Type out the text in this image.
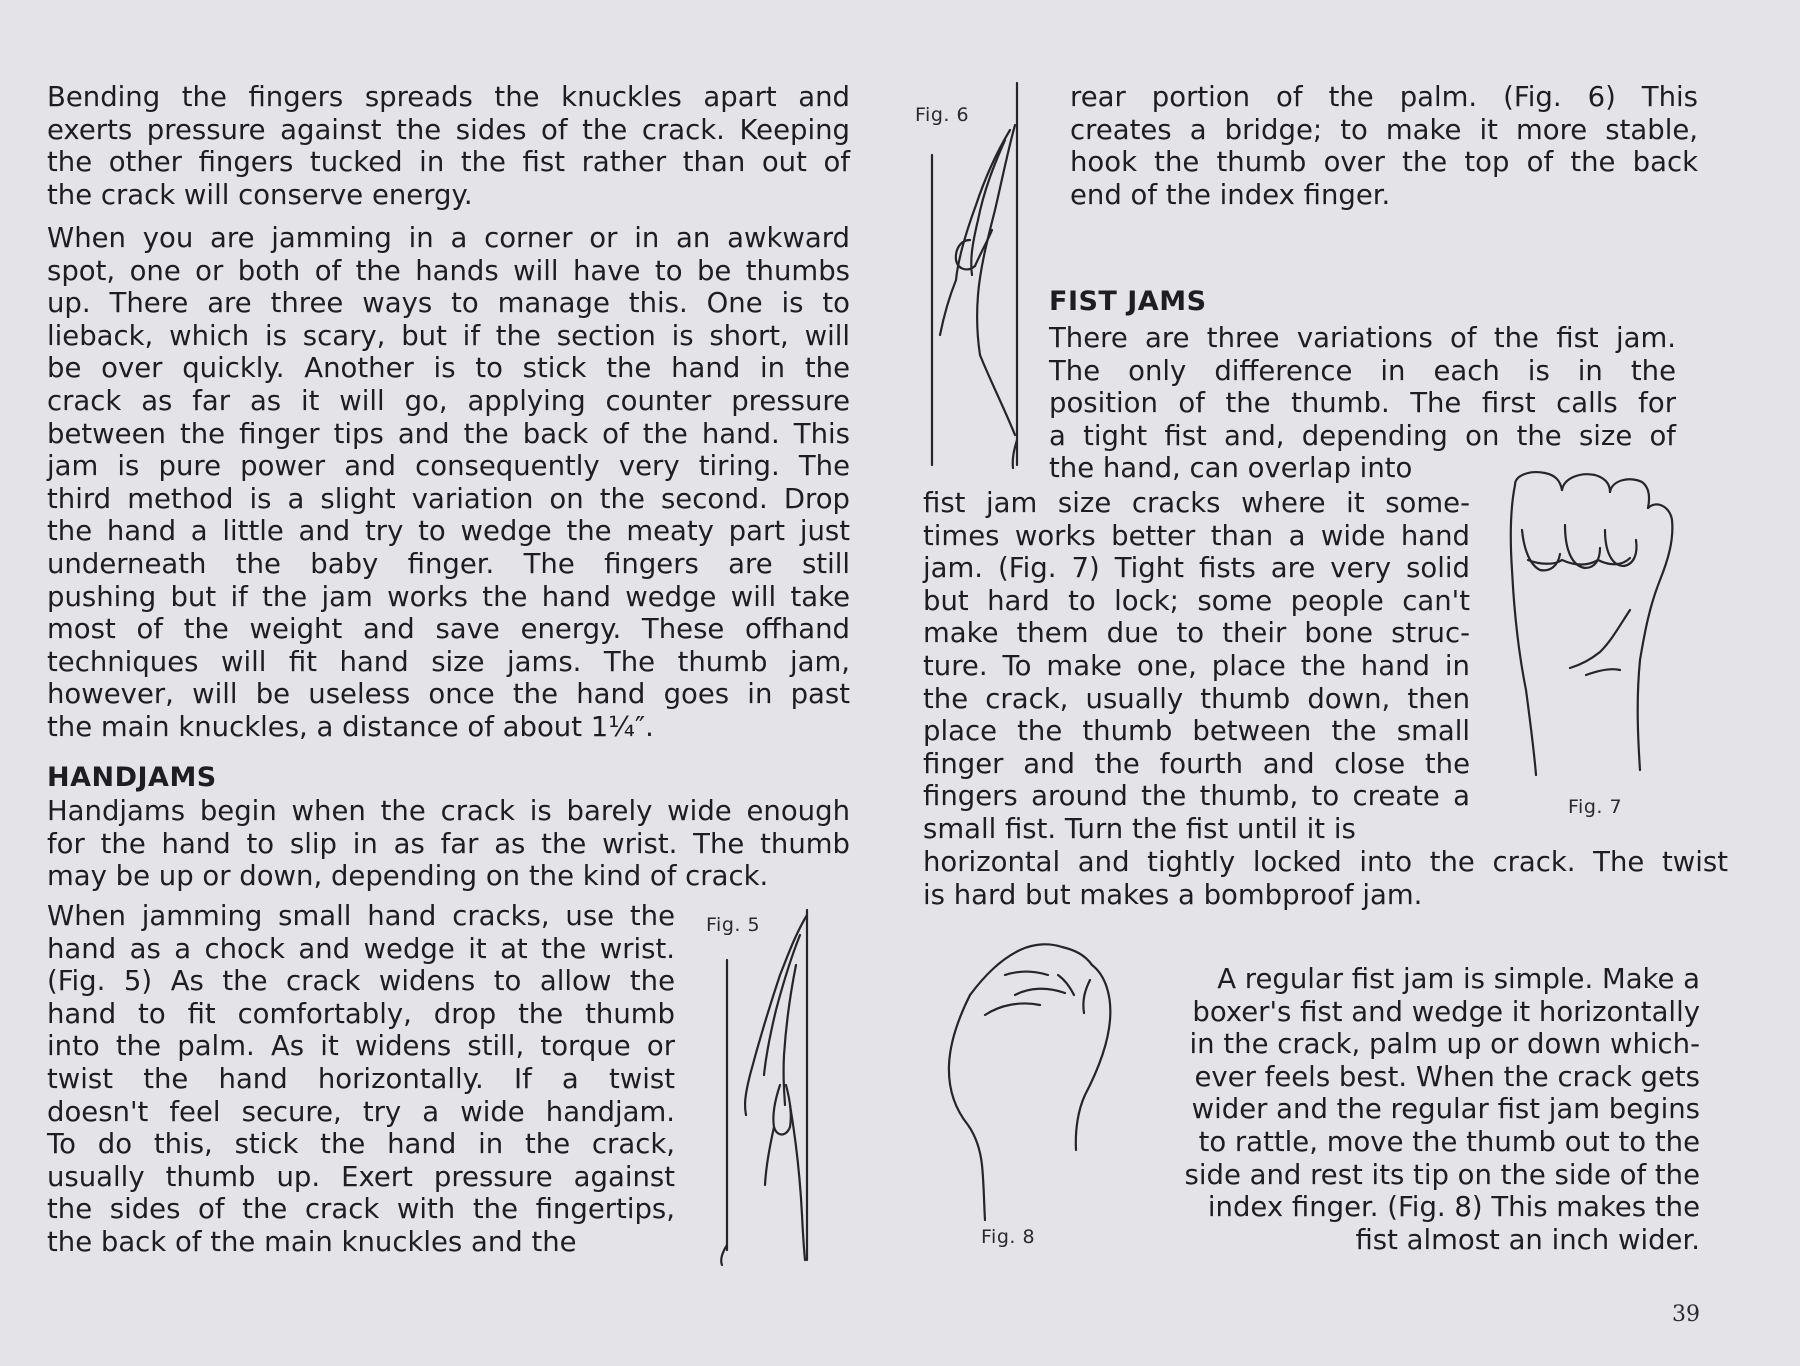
Bending the fingers spreads the knuckles apart and
exerts pressure against the sides of the crack. Keeping
the other fingers tucked in the fist rather than out of
the crack will conserve energy.
When you are jamming in a corner or in an awkward
spot, one or both of the hands will have to be thumbs
up. There are three ways to manage this. One is to
lieback, which is scary, but if the section is short, will
be over quickly. Another is to stick the hand in the
crack as far as it will go, applying counter pressure
between the finger tips and the back of the hand. This
jam is pure power and consequently very tiring. The
third method is a slight variation on the second. Drop
the hand a little and try to wedge the meaty part just
underneath the baby finger. The fingers are still
pushing but if the jam works the hand wedge will take
most of the weight and save energy. These offhand
techniques will fit hand size jams. The thumb jam,
however, will be useless once the hand goes in past
the main knuckles, a distance of about 1¼″.
HANDJAMS
Handjams begin when the crack is barely wide enough
for the hand to slip in as far as the wrist. The thumb
may be up or down, depending on the kind of crack.
When jamming small hand cracks, use the
hand as a chock and wedge it at the wrist.
(Fig. 5) As the crack widens to allow the
hand to fit comfortably, drop the thumb
into the palm. As it widens still, torque or
twist the hand horizontally. If a twist
doesn't feel secure, try a wide handjam.
To do this, stick the hand in the crack,
usually thumb up. Exert pressure against
the sides of the crack with the fingertips,
the back of the main knuckles and the
Fig. 5
Fig. 6
rear portion of the palm. (Fig. 6) This
creates a bridge; to make it more stable,
hook the thumb over the top of the back
end of the index finger.
FIST JAMS
There are three variations of the fist jam.
The only difference in each is in the
position of the thumb. The first calls for
a tight fist and, depending on the size of
the hand, can overlap into
fist jam size cracks where it some-
times works better than a wide hand
jam. (Fig. 7) Tight fists are very solid
but hard to lock; some people can't
make them due to their bone struc-
ture. To make one, place the hand in
the crack, usually thumb down, then
place the thumb between the small
finger and the fourth and close the
fingers around the thumb, to create a
small fist. Turn the fist until it is
Fig. 7
horizontal and tightly locked into the crack. The twist
is hard but makes a bombproof jam.
Fig. 8
A regular fist jam is simple. Make a
boxer's fist and wedge it horizontally
in the crack, palm up or down which-
ever feels best. When the crack gets
wider and the regular fist jam begins
to rattle, move the thumb out to the
side and rest its tip on the side of the
index finger. (Fig. 8) This makes the
fist almost an inch wider.
39
